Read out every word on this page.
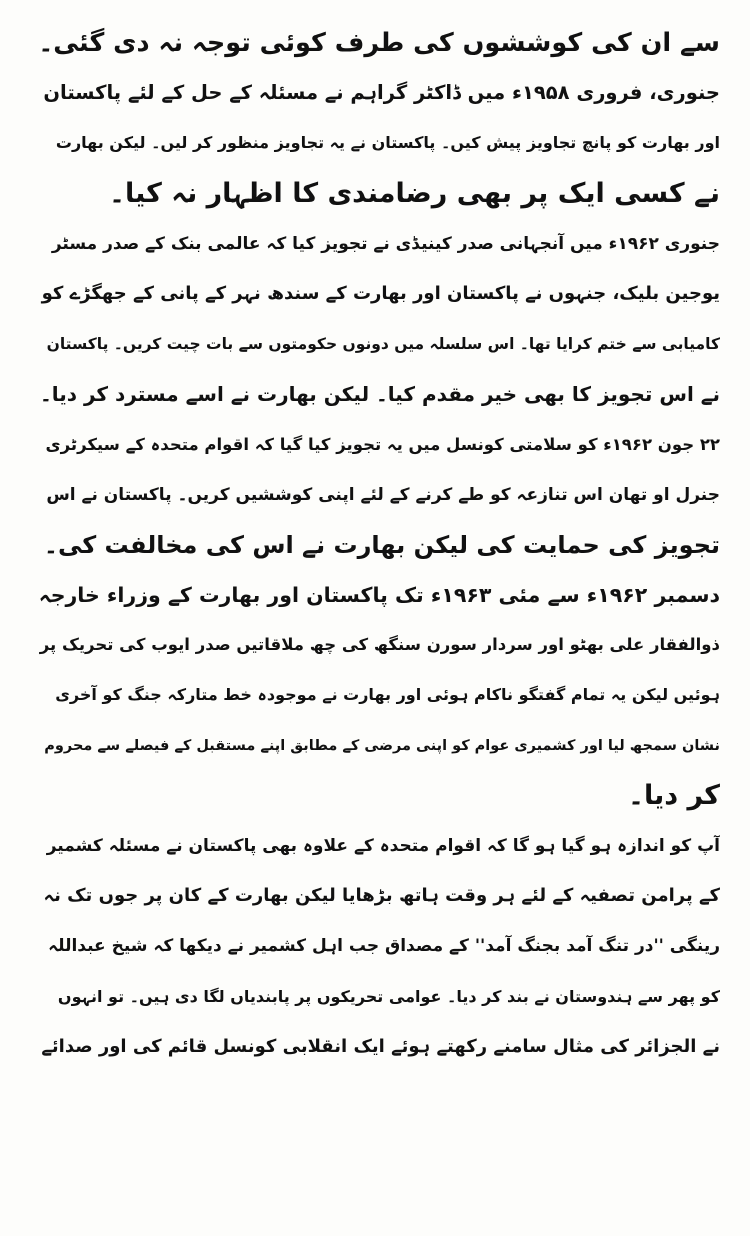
سے ان کی کوششوں کی طرف کوئی توجہ نہ دی گئی۔
جنوری، فروری ۱۹۵۸ء میں ڈاکٹر گراہم نے مسئلہ کے حل کے لئے پاکستان
اور بھارت کو پانچ تجاویز پیش کیں۔ پاکستان نے یہ تجاویز منظور کر لیں۔ لیکن بھارت
نے کسی ایک پر بھی رضامندی کا اظہار نہ کیا۔
جنوری ۱۹۶۲ء میں آنجہانی صدر کینیڈی نے تجویز کیا کہ عالمی بنک کے صدر مسٹر
یوجین بلیک، جنہوں نے پاکستان اور بھارت کے سندھ نہر کے پانی کے جھگڑے کو
کامیابی سے ختم کرایا تھا۔ اس سلسلہ میں دونوں حکومتوں سے بات چیت کریں۔ پاکستان
نے اس تجویز کا بھی خیر مقدم کیا۔ لیکن بھارت نے اسے مسترد کر دیا۔
۲۲ جون ۱۹۶۲ء کو سلامتی کونسل میں یہ تجویز کیا گیا کہ اقوام متحدہ کے سیکرٹری
جنرل او تھان اس تنازعہ کو طے کرنے کے لئے اپنی کوششیں کریں۔ پاکستان نے اس
تجویز کی حمایت کی لیکن بھارت نے اس کی مخالفت کی۔
دسمبر ۱۹۶۲ء سے مئی ۱۹۶۳ء تک پاکستان اور بھارت کے وزراء خارجہ
ذوالفقار علی بھٹو اور سردار سورن سنگھ کی چھ ملاقاتیں صدر ایوب کی تحریک پر
ہوئیں لیکن یہ تمام گفتگو ناکام ہوئی اور بھارت نے موجودہ خط متارکہ جنگ کو آخری
نشان سمجھ لیا اور کشمیری عوام کو اپنی مرضی کے مطابق اپنے مستقبل کے فیصلے سے محروم
کر دیا۔
آپ کو اندازہ ہو گیا ہو گا کہ اقوام متحدہ کے علاوہ بھی پاکستان نے مسئلہ کشمیر
کے پرامن تصفیہ کے لئے ہر وقت ہاتھ بڑھایا لیکن بھارت کے کان پر جوں تک نہ
رینگی ''در تنگ آمد بجنگ آمد'' کے مصداق جب اہل کشمیر نے دیکھا کہ شیخ عبداللہ
کو پھر سے ہندوستان نے بند کر دیا۔ عوامی تحریکوں پر پابندیاں لگا دی ہیں۔ تو انہوں
نے الجزائر کی مثال سامنے رکھتے ہوئے ایک انقلابی کونسل قائم کی اور صدائے
